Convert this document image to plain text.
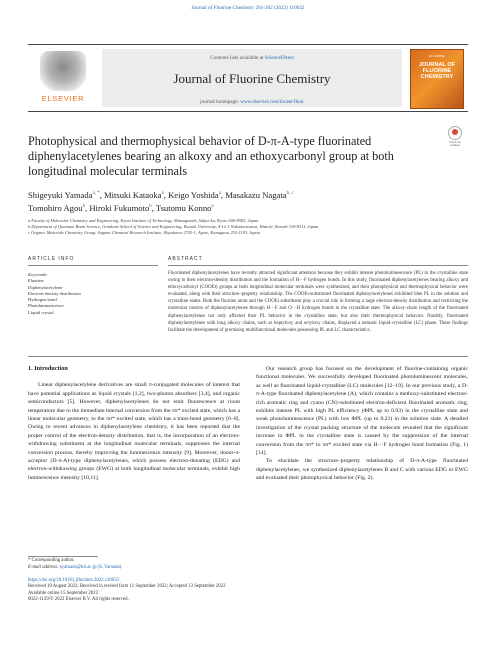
Journal of Fluorine Chemistry 261-262 (2022) 110032
ELSEVIER
Contents lists available at ScienceDirect
Journal of Fluorine Chemistry
journal homepage: www.elsevier.com/locate/fluor
FLUORINE
JOURNAL OF
FLUORINE
CHEMISTRY
Photophysical and thermophysical behavior of D-π-A-type fluorinated diphenylacetylenes bearing an alkoxy and an ethoxycarbonyl group at both longitudinal molecular terminals
Check for updates
Shigeyuki Yamada$^{a, *}$, Mitsuki Kataoka$^a$, Keigo Yoshida$^a$, Masakazu Nagata$^{b, c}$
Tomohiro Agou$^b$, Hiroki Fukumoto$^b$, Tsutomu Konno$^a$
a Faculty of Molecular Chemistry and Engineering, Kyoto Institute of Technology, Matsugasaki, Sakyo-ku, Kyoto 606-8585, Japan
b Department of Quantum Beam Science, Graduate School of Science and Engineering, Ibaraki University, 4-12-1 Nakanarusawa, Hitachi, Ibaraki 316-8511, Japan
c Organic Materials Chemistry Group, Sugami Chemical Research Institute, Hayakawa 2743-1, Ayase, Kanagawa 252-1193, Japan
ARTICLE INFO
Keywords:
Fluorine
Diphenylacetylene
Electron-density distribution
Hydrogen bond
Photoluminescence
Liquid crystal
ABSTRACT
Fluorinated diphenylacetylenes have recently attracted significant attention because they exhibit intense photoluminescence (PL) in the crystalline state owing to their electron-density distribution and the formation of H···F hydrogen bonds. In this study, fluorinated diphenylacetylenes bearing alkoxy and ethoxycarbonyl (COOEt) groups at both longitudinal molecular terminals were synthesized, and their photophysical and thermophysical behavior were evaluated, along with their structure–property relationship. The COOEt-substituted fluorinated diphenylacetylenes exhibited blue PL in the solution and crystalline states. Both the fluorine atom and the COOEt substituent play a crucial role in forming a large electron-density distribution and restricting the molecular motion of diphenylacetylenes through H···F and O···H hydrogen bonds in the crystalline state. The alkoxy-chain length of the fluorinated diphenylacetylenes not only affected their PL behavior in the crystalline state, but also their thermophysical behavior. Notably, fluorinated diphenylacetylenes with long alkoxy chains, such as heptyloxy and octyloxy chains, displayed a nematic liquid-crystalline (LC) phase. These findings facilitate the development of promising multifunctional molecules possessing PL and LC characteristics.
1. Introduction

Linear diphenylacetylene derivatives are small π-conjugated molecules of interest that have potential applications as liquid crystals [1,2], two-photon absorbers [3,4], and organic semiconductors [5]. However, diphenylacetylenes do not emit fluorescence at room temperature due to the immediate internal conversion from the ππ* excited state, which has a linear molecular geometry, to the πσ* excited state, which has a trans-bend geometry [6–8]. Owing to recent advances in diphenylacetylene chemistry, it has been reported that the proper control of the electron-density distribution, that is, the incorporation of an electron-withdrawing substituent at the longitudinal molecular terminals, suppresses the internal conversion process, thereby improving the luminescence intensity [9]. Moreover, donor-π-acceptor (D-π-A)-type diphenylacetylenes, which possess electron-donating (EDG) and electron-withdrawing groups (EWG) at both longitudinal molecular terminals, exhibit high luminescence intensity [10,11].

Our research group has focused on the development of fluorine-containing organic functional molecules. We successfully developed fluorinated photoluminescent molecules, as well as fluorinated liquid-crystalline (LC) molecules [12–19]. In our previous study, a D-π-A-type fluorinated diphenylacetylene (A), which contains a methoxy-substituted electron-rich aromatic ring and cyano (CN)-substituted electron-deficient fluorinated aromatic ring, exhibits intense PL with high PL efficiency (ΦPL up to 0.93) in the crystalline state and weak photoluminescence (PL) with low ΦPL (up to 0.21) in the solution state. A detailed investigation of the crystal packing structure of the molecule revealed that the significant increase in ΦPL in the crystalline state is caused by the suppression of the internal conversion from the ππ* to πσ* excited state via H···F hydrogen bond formation (Fig. 1) [14].

To elucidate the structure–property relationship of D-π-A-type fluorinated diphenylacetylenes, we synthesized diphenylacetylenes B and C with various EDG or EWG and evaluated their photophysical behavior (Fig. 2).

* Corresponding author.
E-mail address: syamada@kit.ac.jp (S. Yamada).
https://doi.org/10.1016/j.jfluchem.2022.110032
Received 10 August 2022; Received in revised form 11 September 2022; Accepted 13 September 2022
Available online 15 September 2022
0022-1139/© 2022 Elsevier B.V. All rights reserved.
